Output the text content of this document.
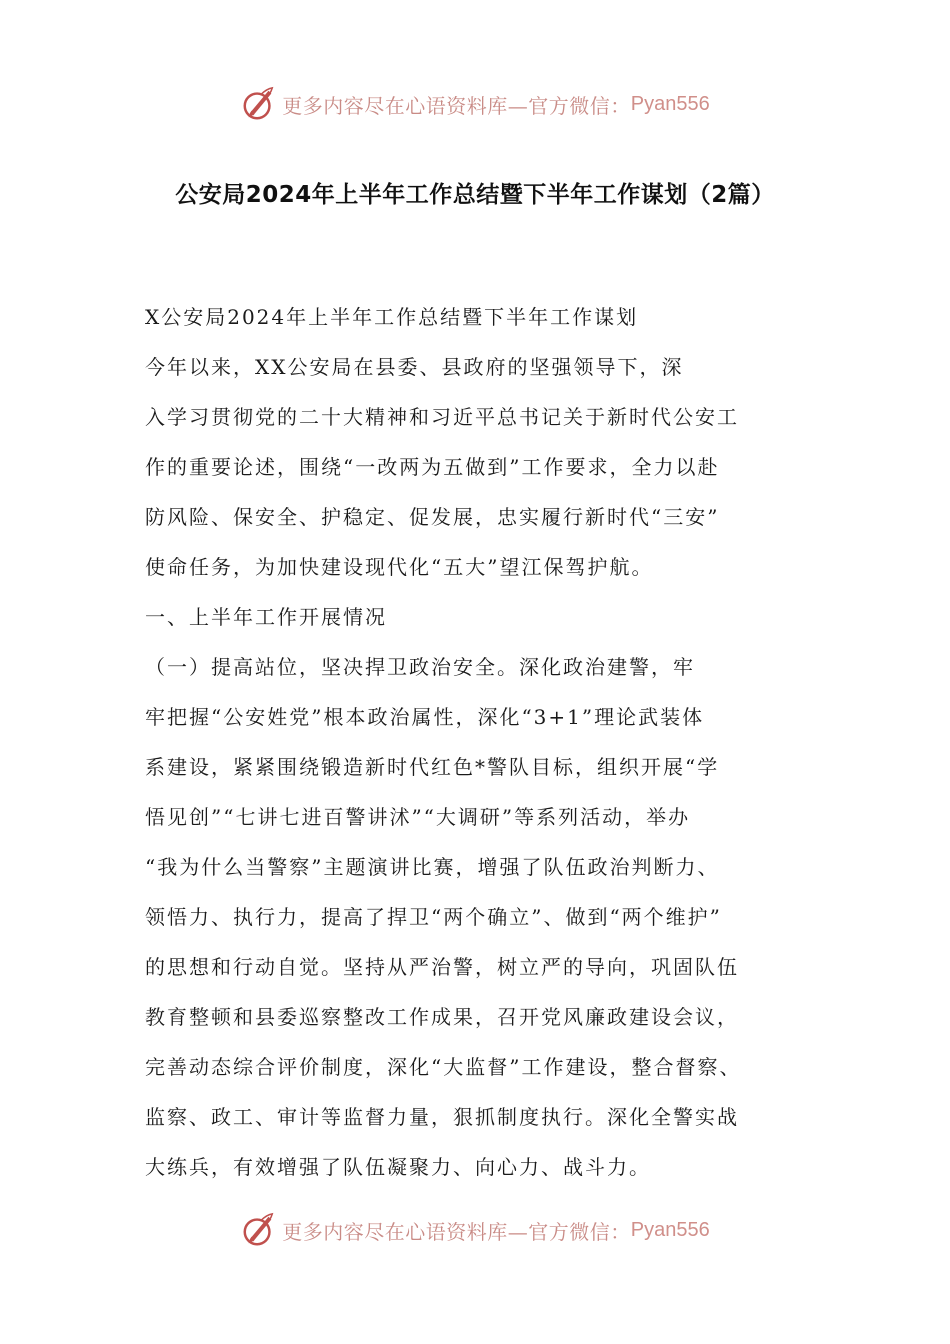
更多内容尽在心语资料库—官方微信： Pyan556
公安局2024年上半年工作总结暨下半年工作谋划（2篇）
X公安局2024年上半年工作总结暨下半年工作谋划
今年以来，XX公安局在县委、县政府的坚强领导下，深
入学习贯彻党的二十大精神和习近平总书记关于新时代公安工
作的重要论述，围绕“一改两为五做到”工作要求，全力以赴
防风险、保安全、护稳定、促发展，忠实履行新时代“三安”
使命任务，为加快建设现代化“五大”望江保驾护航。
一、上半年工作开展情况
（一）提高站位，坚决捍卫政治安全。深化政治建警，牢
牢把握“公安姓党”根本政治属性，深化“3+1”理论武装体
系建设，紧紧围绕锻造新时代红色*警队目标，组织开展“学
悟见创”“七讲七进百警讲沭”“大调研”等系列活动，举办
“我为什么当警察”主题演讲比赛，增强了队伍政治判断力、
领悟力、执行力，提高了捍卫“两个确立”、做到“两个维护”
的思想和行动自觉。坚持从严治警，树立严的导向，巩固队伍
教育整顿和县委巡察整改工作成果，召开党风廉政建设会议，
完善动态综合评价制度，深化“大监督”工作建设，整合督察、
监察、政工、审计等监督力量，狠抓制度执行。深化全警实战
大练兵，有效增强了队伍凝聚力、向心力、战斗力。
更多内容尽在心语资料库—官方微信： Pyan556
